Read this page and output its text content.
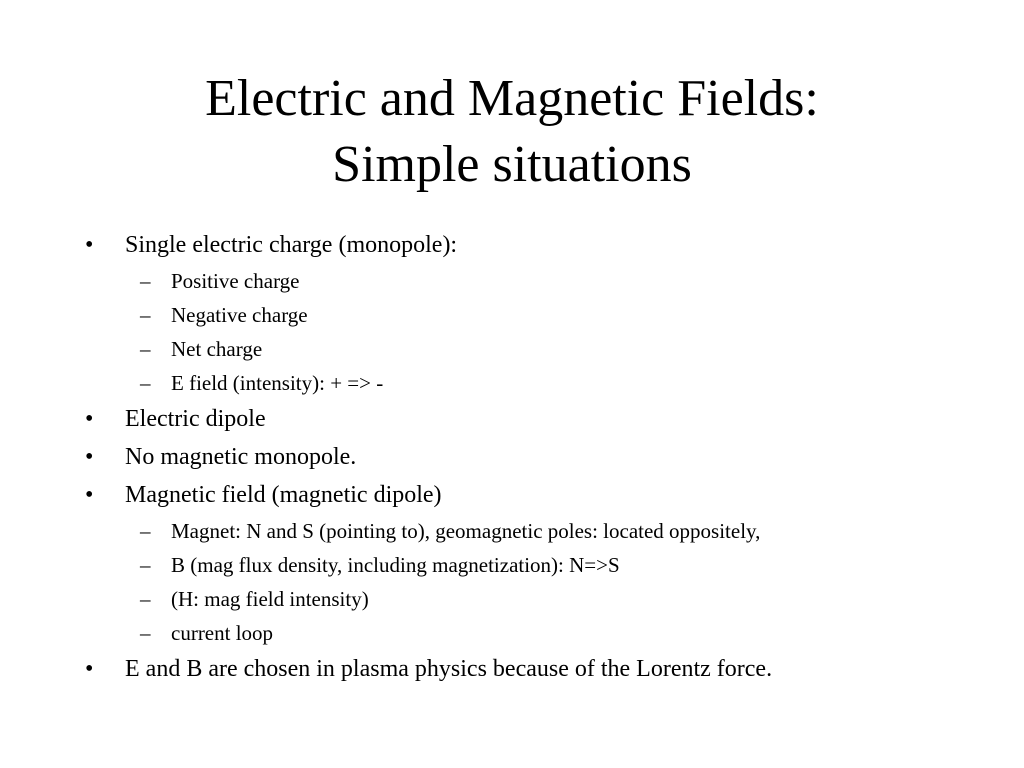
Electric and Magnetic Fields:
Simple situations
• Single electric charge (monopole):
– Positive charge
– Negative charge
– Net charge
– E field (intensity): + => -
• Electric dipole
• No magnetic monopole.
• Magnetic field (magnetic dipole)
– Magnet: N and S (pointing to), geomagnetic poles: located oppositely,
– B (mag flux density, including magnetization): N=>S
– (H: mag field intensity)
– current loop
• E and B are chosen in plasma physics because of the Lorentz force.
